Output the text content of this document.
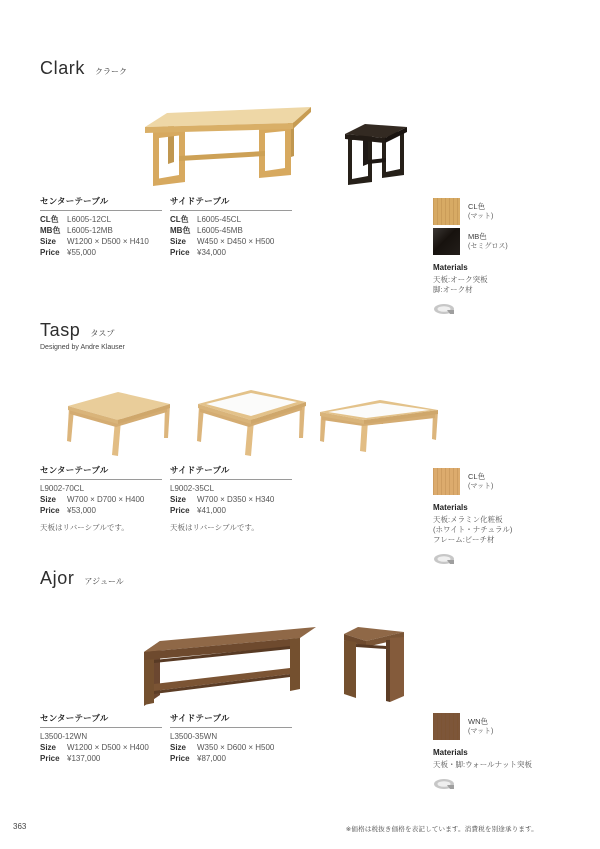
Clark クラーク
センターテーブル
CL色	L6005-12CL
MB色 L6005-12MB
Size	W1200 × D500 × H410
Price ¥55,000
サイドテーブル
CL色	L6005-45CL
MB色 L6005-45MB
Size	W450 × D450 × H500
Price ¥34,000
CL色
(マット)
MB色
(セミグロス)
Materials
天板:オーク突板
脚:オーク材
Tasp タスプ
Designed by Andre Klauser
センターテーブル
L9002-70CL
Size	W700 × D700 × H400
Price ¥53,000
天板はリバーシブルです。
サイドテーブル
L9002-35CL
Size	W700 × D350 × H340
Price ¥41,000
天板はリバーシブルです。
CL色
(マット)
Materials
天板:メラミン化粧板
(ホワイト・ナチュラル)
フレーム:ビーチ材
Ajor アジュール
センターテーブル
L3500-12WN
Size	W1200 × D500 × H400
Price ¥137,000
サイドテーブル
L3500-35WN
Size	W350 × D600 × H500
Price ¥87,000
WN色
(マット)
Materials
天板・脚:ウォールナット突板
363	※価格は税抜き価格を表記しています。消費税を別途承ります。
